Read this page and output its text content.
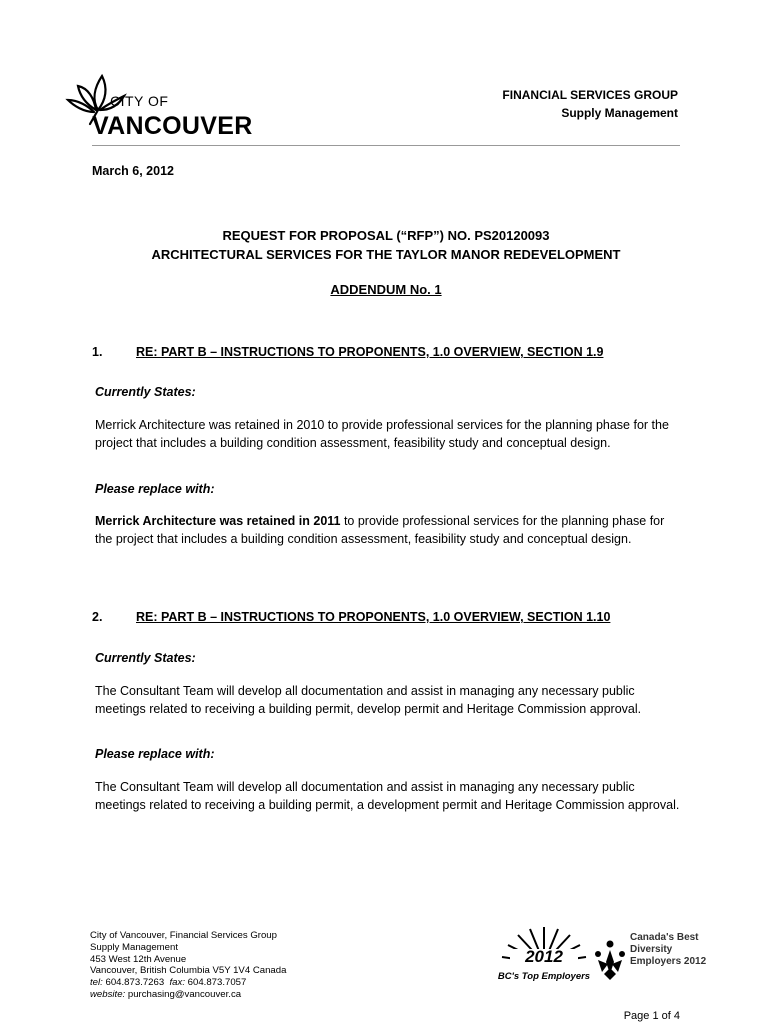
CITY OF
VANCOUVER
FINANCIAL SERVICES GROUP
Supply Management
March 6, 2012
REQUEST FOR PROPOSAL (“RFP”) NO. PS20120093
ARCHITECTURAL SERVICES FOR THE TAYLOR MANOR REDEVELOPMENT
ADDENDUM No. 1
1.	RE: PART B – INSTRUCTIONS TO PROPONENTS, 1.0 OVERVIEW, SECTION 1.9
Currently States:
Merrick Architecture was retained in 2010 to provide professional services for the planning phase for the project that includes a building condition assessment, feasibility study and conceptual design.
Please replace with:
Merrick Architecture was retained in 2011 to provide professional services for the planning phase for the project that includes a building condition assessment, feasibility study and conceptual design.
2.	RE: PART B – INSTRUCTIONS TO PROPONENTS, 1.0 OVERVIEW, SECTION 1.10
Currently States:
The Consultant Team will develop all documentation and assist in managing any necessary public meetings related to receiving a building permit, develop permit and Heritage Commission approval.
Please replace with:
The Consultant Team will develop all documentation and assist in managing any necessary public meetings related to receiving a building permit, a development permit and Heritage Commission approval.
City of Vancouver, Financial Services Group
Supply Management
453 West 12th Avenue
Vancouver, British Columbia V5Y 1V4 Canada
tel: 604.873.7263 fax: 604.873.7057
website: purchasing@vancouver.ca
2012
BC's Top Employers
Canada's Best
Diversity
Employers 2012
Page 1 of 4
